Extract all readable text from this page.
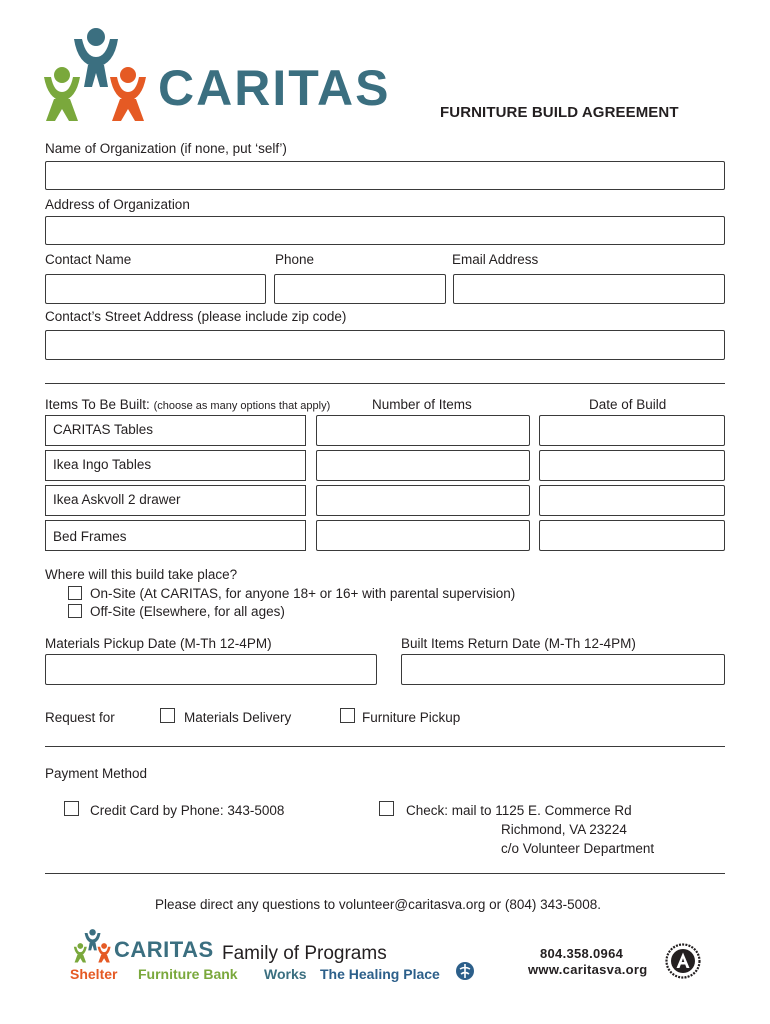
CARITAS	FURNITURE BUILD AGREEMENT
Name of Organization (if none, put ‘self’)
Address of Organization
Contact Name	Phone	Email Address
Contact’s Street Address (please include zip code)
Items To Be Built: (choose as many options that apply)	Number of Items	Date of Build
CARITAS Tables
Ikea Ingo Tables
Ikea Askvoll 2 drawer
Bed Frames
Where will this build take place?
On-Site (At CARITAS, for anyone 18+ or 16+ with parental supervision)
Off-Site (Elsewhere, for all ages)
Materials Pickup Date (M-Th 12-4PM)	Built Items Return Date (M-Th 12-4PM)
Request for	Materials Delivery	Furniture Pickup
Payment Method
Credit Card by Phone: 343-5008	Check: mail to 1125 E. Commerce Rd
Richmond, VA 23224
c/o Volunteer Department
Please direct any questions to volunteer@caritasva.org or (804) 343-5008.
CARITAS Family of Programs
Shelter Furniture Bank Works The Healing Place
804.358.0964
www.caritasva.org
